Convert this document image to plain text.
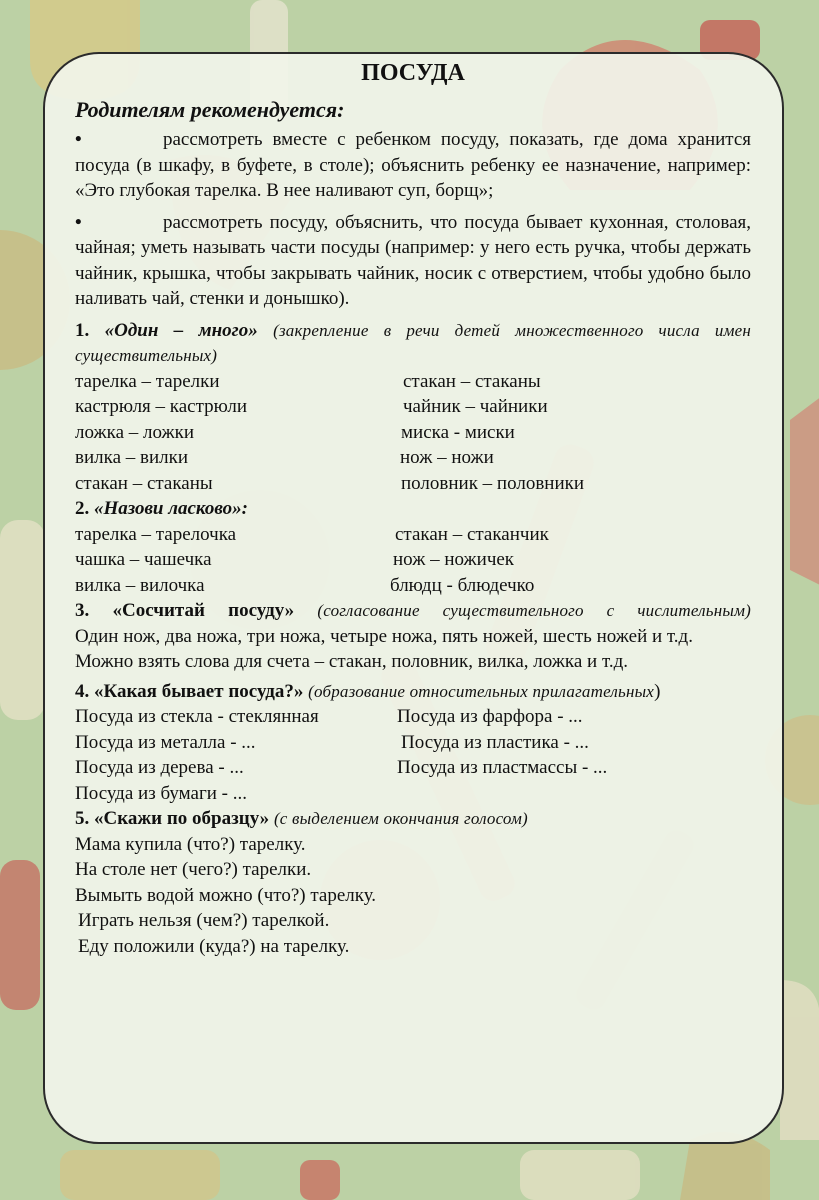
ПОСУДА
Родителям рекомендуется:
•	рассмотреть вместе с ребенком посуду, показать, где дома хранится посуда (в шкафу, в буфете, в столе); объяснить ребенку ее назначение, например: «Это глубокая тарелка. В нее наливают суп, борщ»;
•	рассмотреть посуду, объяснить, что посуда бывает кухонная, столовая, чайная; уметь называть части посуды (например: у него есть ручка, чтобы держать чайник, крышка, чтобы закрывать чайник, носик с отверстием, чтобы удобно было наливать чай, стенки и донышко).
1. «Один – много» (закрепление в речи детей множественного числа имен существительных)
тарелка – тарелки	стакан – стаканы
кастрюля – кастрюли	чайник – чайники
ложка – ложки	миска - миски
вилка – вилки	нож – ножи
стакан – стаканы	половник – половники
2. «Назови ласково»:
тарелка – тарелочка	стакан – стаканчик
чашка – чашечка	нож – ножичек
вилка – вилочка	блюдц - блюдечко
3. «Сосчитай посуду» (согласование существительного с числительным)

Один нож, два ножа, три ножа, четыре ножа, пять ножей, шесть ножей и т.д.

Можно взять слова для счета – стакан, половник, вилка, ложка и т.д.

4. «Какая бывает посуда?» (образование относительных прилагательных)
Посуда из стекла - стеклянная	Посуда из фарфора - ...
Посуда из металла - ...	Посуда из пластика - ...
Посуда из дерева - ...	Посуда из пластмассы - ...
Посуда из бумаги - ...
5. «Скажи по образцу» (с выделением окончания голосом)

Мама купила (что?) тарелку.

На столе нет (чего?) тарелки.

Вымыть водой можно (что?) тарелку.

Играть нельзя (чем?) тарелкой.

Еду положили (куда?) на тарелку.
